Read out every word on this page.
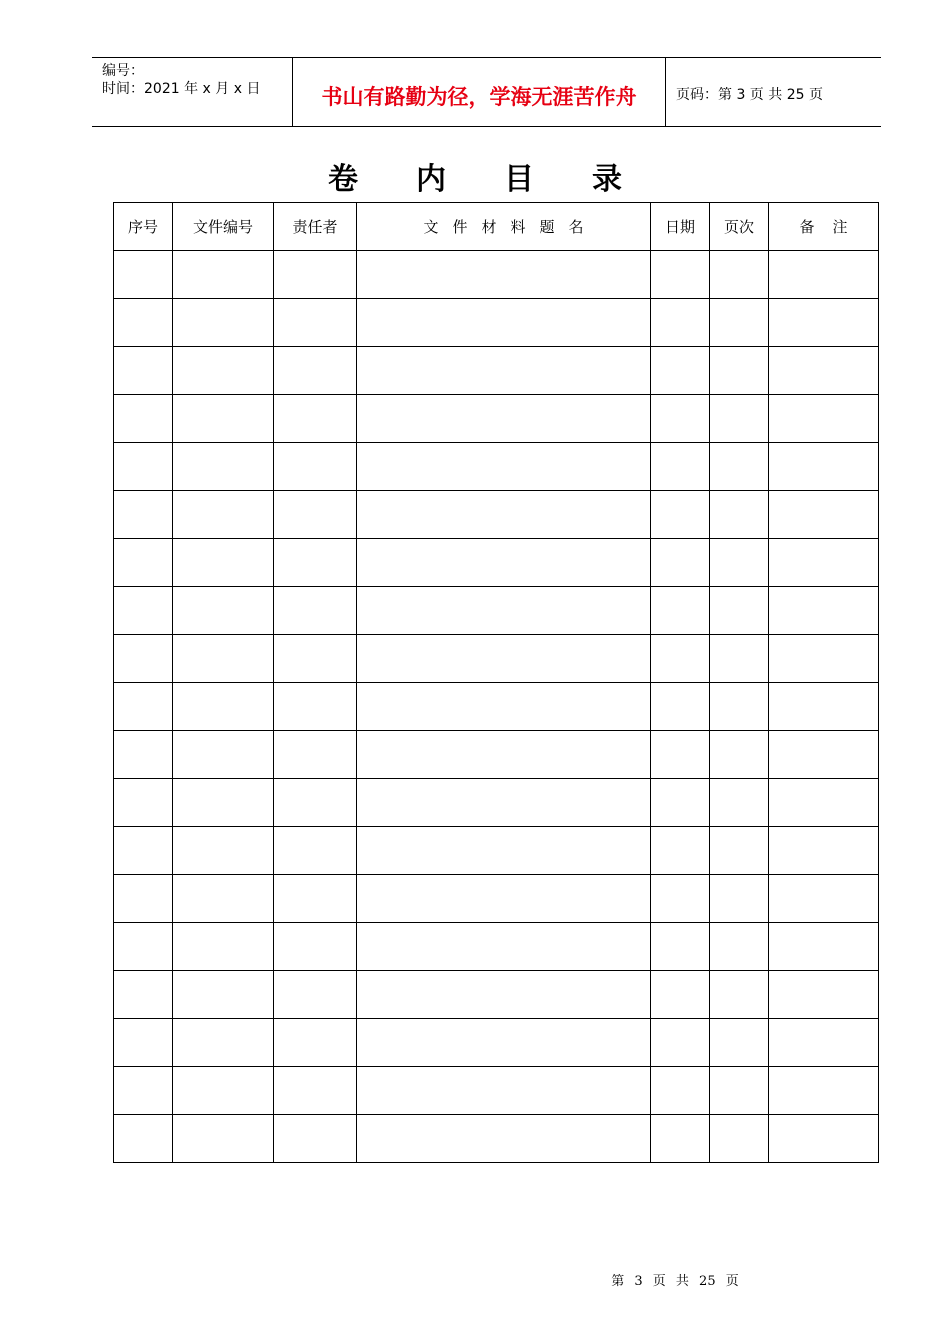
编号：
时间：2021 年 x 月 x 日	书山有路勤为径，学海无涯苦作舟	页码：第 3 页 共 25 页
卷内目录
序号	文件编号	责任者	文件材料题名	日期	页次	备注

第 3 页 共 25 页
